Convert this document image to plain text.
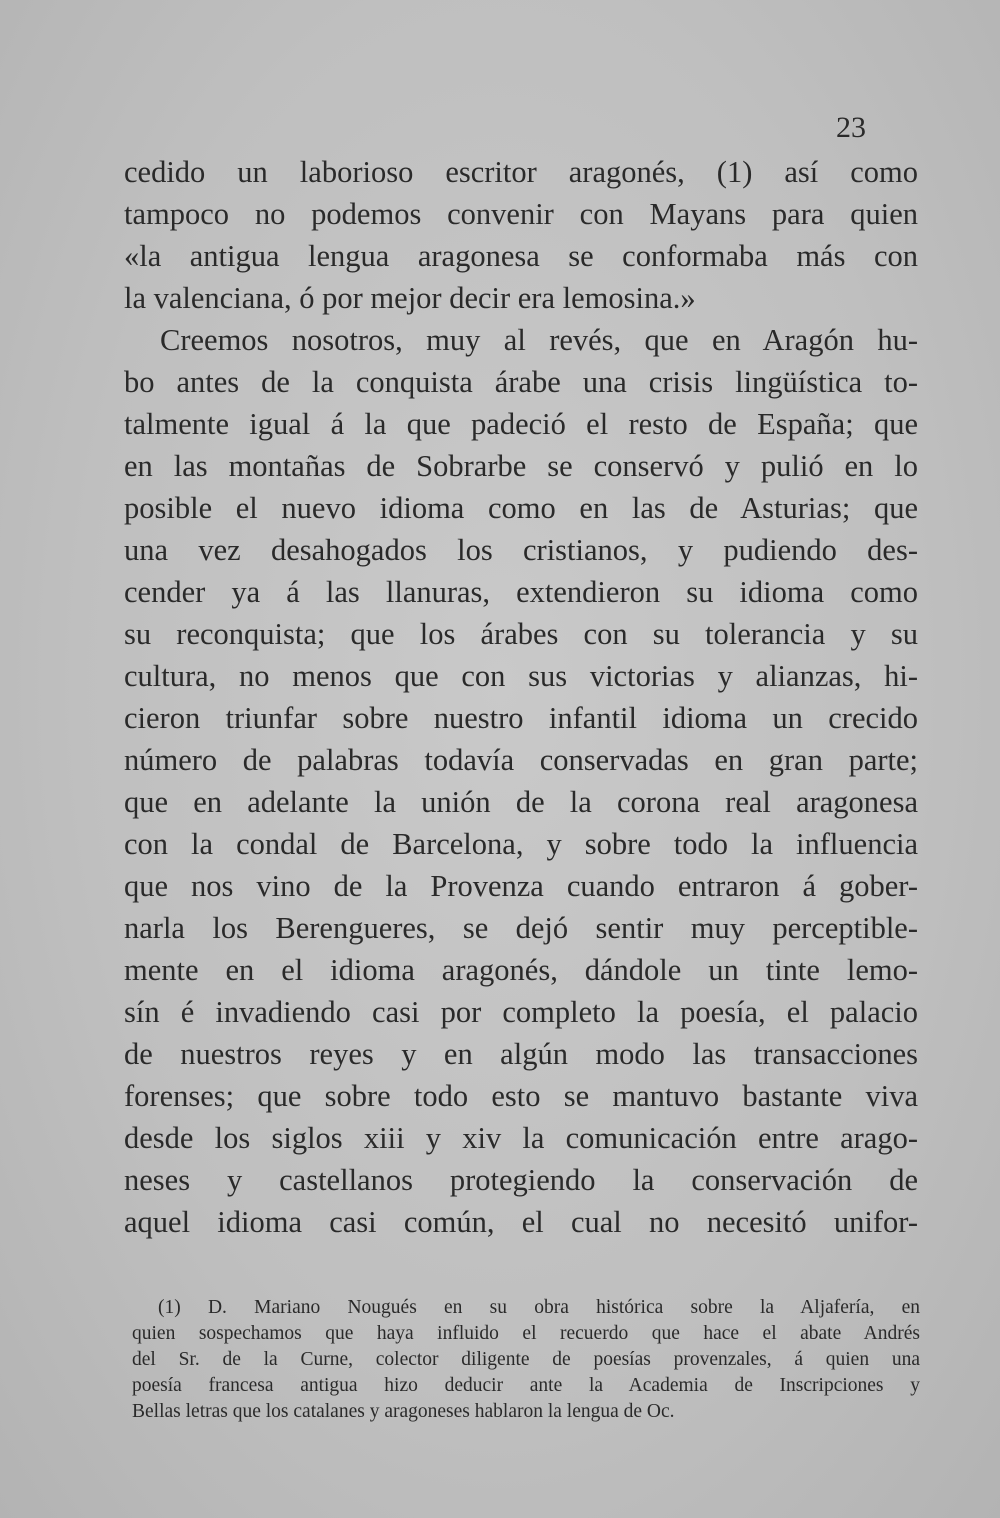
23
cedido un laborioso escritor aragonés, (1) así como
tampoco no podemos convenir con Mayans para quien
«la antigua lengua aragonesa se conformaba más con
la valenciana, ó por mejor decir era lemosina.»
Creemos nosotros, muy al revés, que en Aragón hu-
bo antes de la conquista árabe una crisis lingüística to-
talmente igual á la que padeció el resto de España; que
en las montañas de Sobrarbe se conservó y pulió en lo
posible el nuevo idioma como en las de Asturias; que
una vez desahogados los cristianos, y pudiendo des-
cender ya á las llanuras, extendieron su idioma como
su reconquista; que los árabes con su tolerancia y su
cultura, no menos que con sus victorias y alianzas, hi-
cieron triunfar sobre nuestro infantil idioma un crecido
número de palabras todavía conservadas en gran parte;
que en adelante la unión de la corona real aragonesa
con la condal de Barcelona, y sobre todo la influencia
que nos vino de la Provenza cuando entraron á gober-
narla los Berengueres, se dejó sentir muy perceptible-
mente en el idioma aragonés, dándole un tinte lemo-
sín é invadiendo casi por completo la poesía, el palacio
de nuestros reyes y en algún modo las transacciones
forenses; que sobre todo esto se mantuvo bastante viva
desde los siglos xiii y xiv la comunicación entre arago-
neses y castellanos protegiendo la conservación de
aquel idioma casi común, el cual no necesitó unifor-
(1) D. Mariano Nougués en su obra histórica sobre la Aljafería, en
quien sospechamos que haya influido el recuerdo que hace el abate Andrés
del Sr. de la Curne, colector diligente de poesías provenzales, á quien una
poesía francesa antigua hizo deducir ante la Academia de Inscripciones y
Bellas letras que los catalanes y aragoneses hablaron la lengua de Oc.
